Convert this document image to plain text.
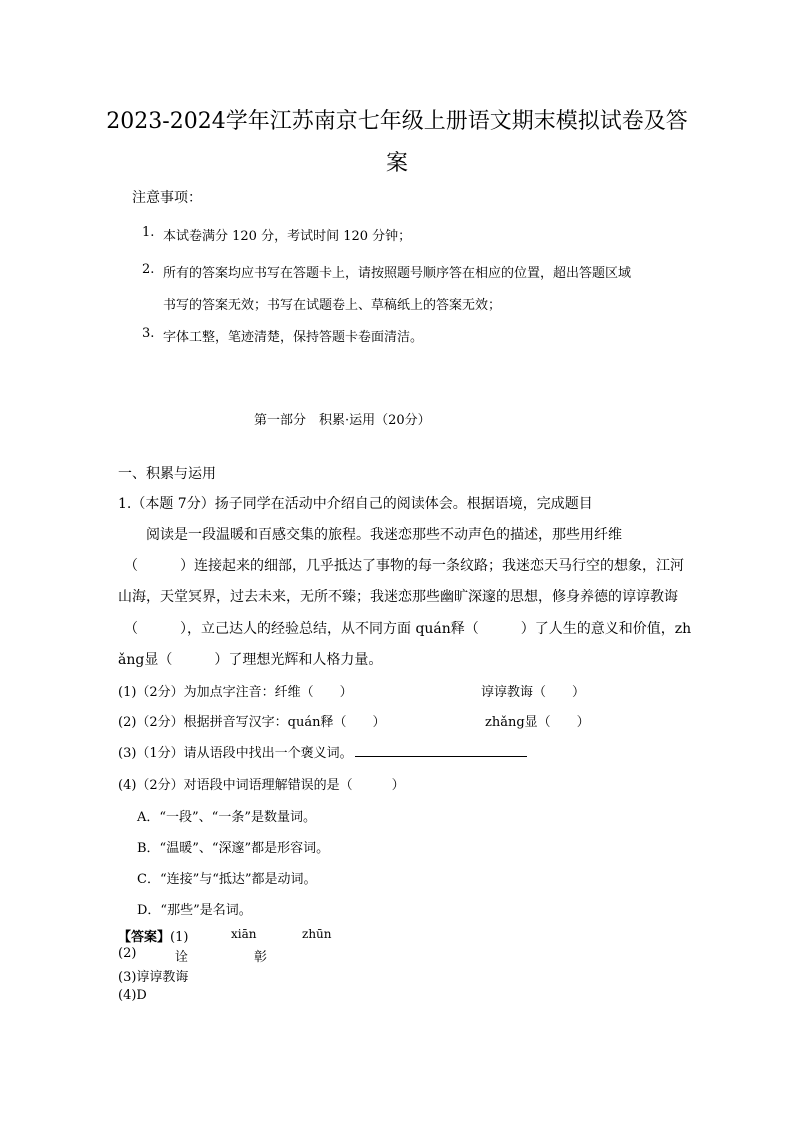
2023-2024学年江苏南京七年级上册语文期末模拟试卷及答
案
注意事项：
1. 本试卷满分 120 分，考试时间 120 分钟；
2. 所有的答案均应书写在答题卡上，请按照题号顺序答在相应的位置，超出答题区域
书写的答案无效；书写在试题卷上、草稿纸上的答案无效；
3. 字体工整，笔迹清楚，保持答题卡卷面清洁。
第一部分　积累·运用（20分）
一、积累与运用
1.（本题 7分）扬子同学在活动中介绍自己的阅读体会。根据语境，完成题目
阅读是一段温暖和百感交集的旅程。我迷恋那些不动声色的描述，那些用纤维
（　　　）连接起来的细部，几乎抵达了事物的每一条纹路；我迷恋天马行空的想象，江河
山海，天堂冥界，过去未来，无所不臻；我迷恋那些幽旷深邃的思想，修身养德的谆谆教诲
（　　　），立己达人的经验总结，从不同方面 quán释（　　　）了人生的意义和价值，zh
ǎng显（　　　）了理想光辉和人格力量。
(1)（2分）为加点字注音：纤维（　　）	谆谆教诲（　　）
(2)（2分）根据拼音写汉字：quán释（　　）	zhǎng显（　　）
(3)（1分）请从语段中找出一个褒义词。
(4)（2分）对语段中词语理解错误的是（　　　）
A．“一段”、“一条”是数量词。
B．“温暖”、“深邃”都是形容词。
C．“连接”与“抵达”都是动词。
D．“那些”是名词。
【答案】(1)	xiān	zhūn
(2)	诠	彰
(3)谆谆教诲
(4)D
